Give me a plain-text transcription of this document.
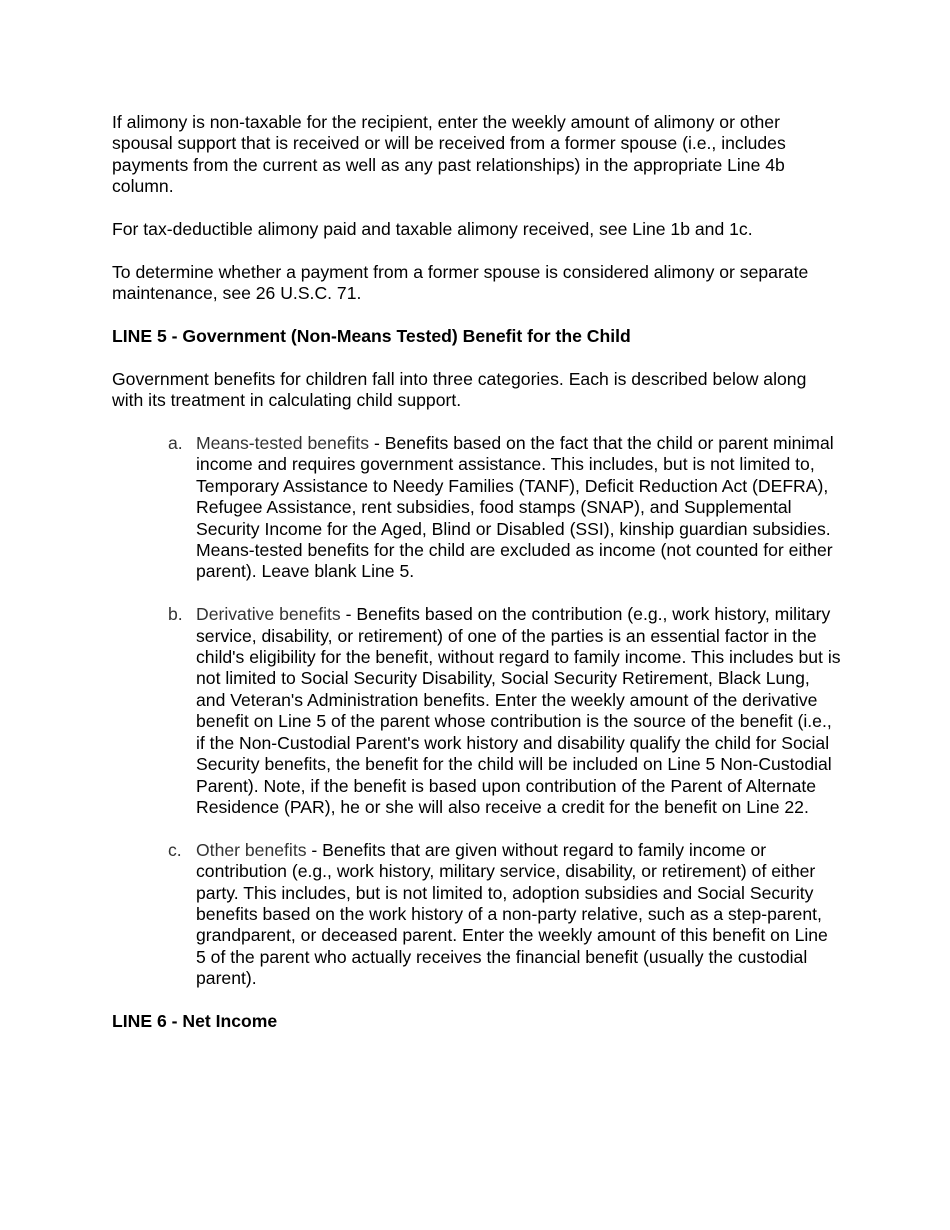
If alimony is non-taxable for the recipient, enter the weekly amount of alimony or other spousal support that is received or will be received from a former spouse (i.e., includes payments from the current as well as any past relationships) in the appropriate Line 4b column.

For tax-deductible alimony paid and taxable alimony received, see Line 1b and 1c.

To determine whether a payment from a former spouse is considered alimony or separate maintenance, see 26 U.S.C. 71.

LINE 5 - Government (Non-Means Tested) Benefit for the Child

Government benefits for children fall into three categories. Each is described below along with its treatment in calculating child support.

a. Means-tested benefits - Benefits based on the fact that the child or parent minimal income and requires government assistance. This includes, but is not limited to, Temporary Assistance to Needy Families (TANF), Deficit Reduction Act (DEFRA), Refugee Assistance, rent subsidies, food stamps (SNAP), and Supplemental Security Income for the Aged, Blind or Disabled (SSI), kinship guardian subsidies. Means-tested benefits for the child are excluded as income (not counted for either parent). Leave blank Line 5.
b. Derivative benefits - Benefits based on the contribution (e.g., work history, military service, disability, or retirement) of one of the parties is an essential factor in the child's eligibility for the benefit, without regard to family income. This includes but is not limited to Social Security Disability, Social Security Retirement, Black Lung, and Veteran's Administration benefits. Enter the weekly amount of the derivative benefit on Line 5 of the parent whose contribution is the source of the benefit (i.e., if the Non-Custodial Parent's work history and disability qualify the child for Social Security benefits, the benefit for the child will be included on Line 5 Non-Custodial Parent). Note, if the benefit is based upon contribution of the Parent of Alternate Residence (PAR), he or she will also receive a credit for the benefit on Line 22.
c. Other benefits - Benefits that are given without regard to family income or contribution (e.g., work history, military service, disability, or retirement) of either party. This includes, but is not limited to, adoption subsidies and Social Security benefits based on the work history of a non-party relative, such as a step-parent, grandparent, or deceased parent. Enter the weekly amount of this benefit on Line 5 of the parent who actually receives the financial benefit (usually the custodial parent).
LINE 6 - Net Income
